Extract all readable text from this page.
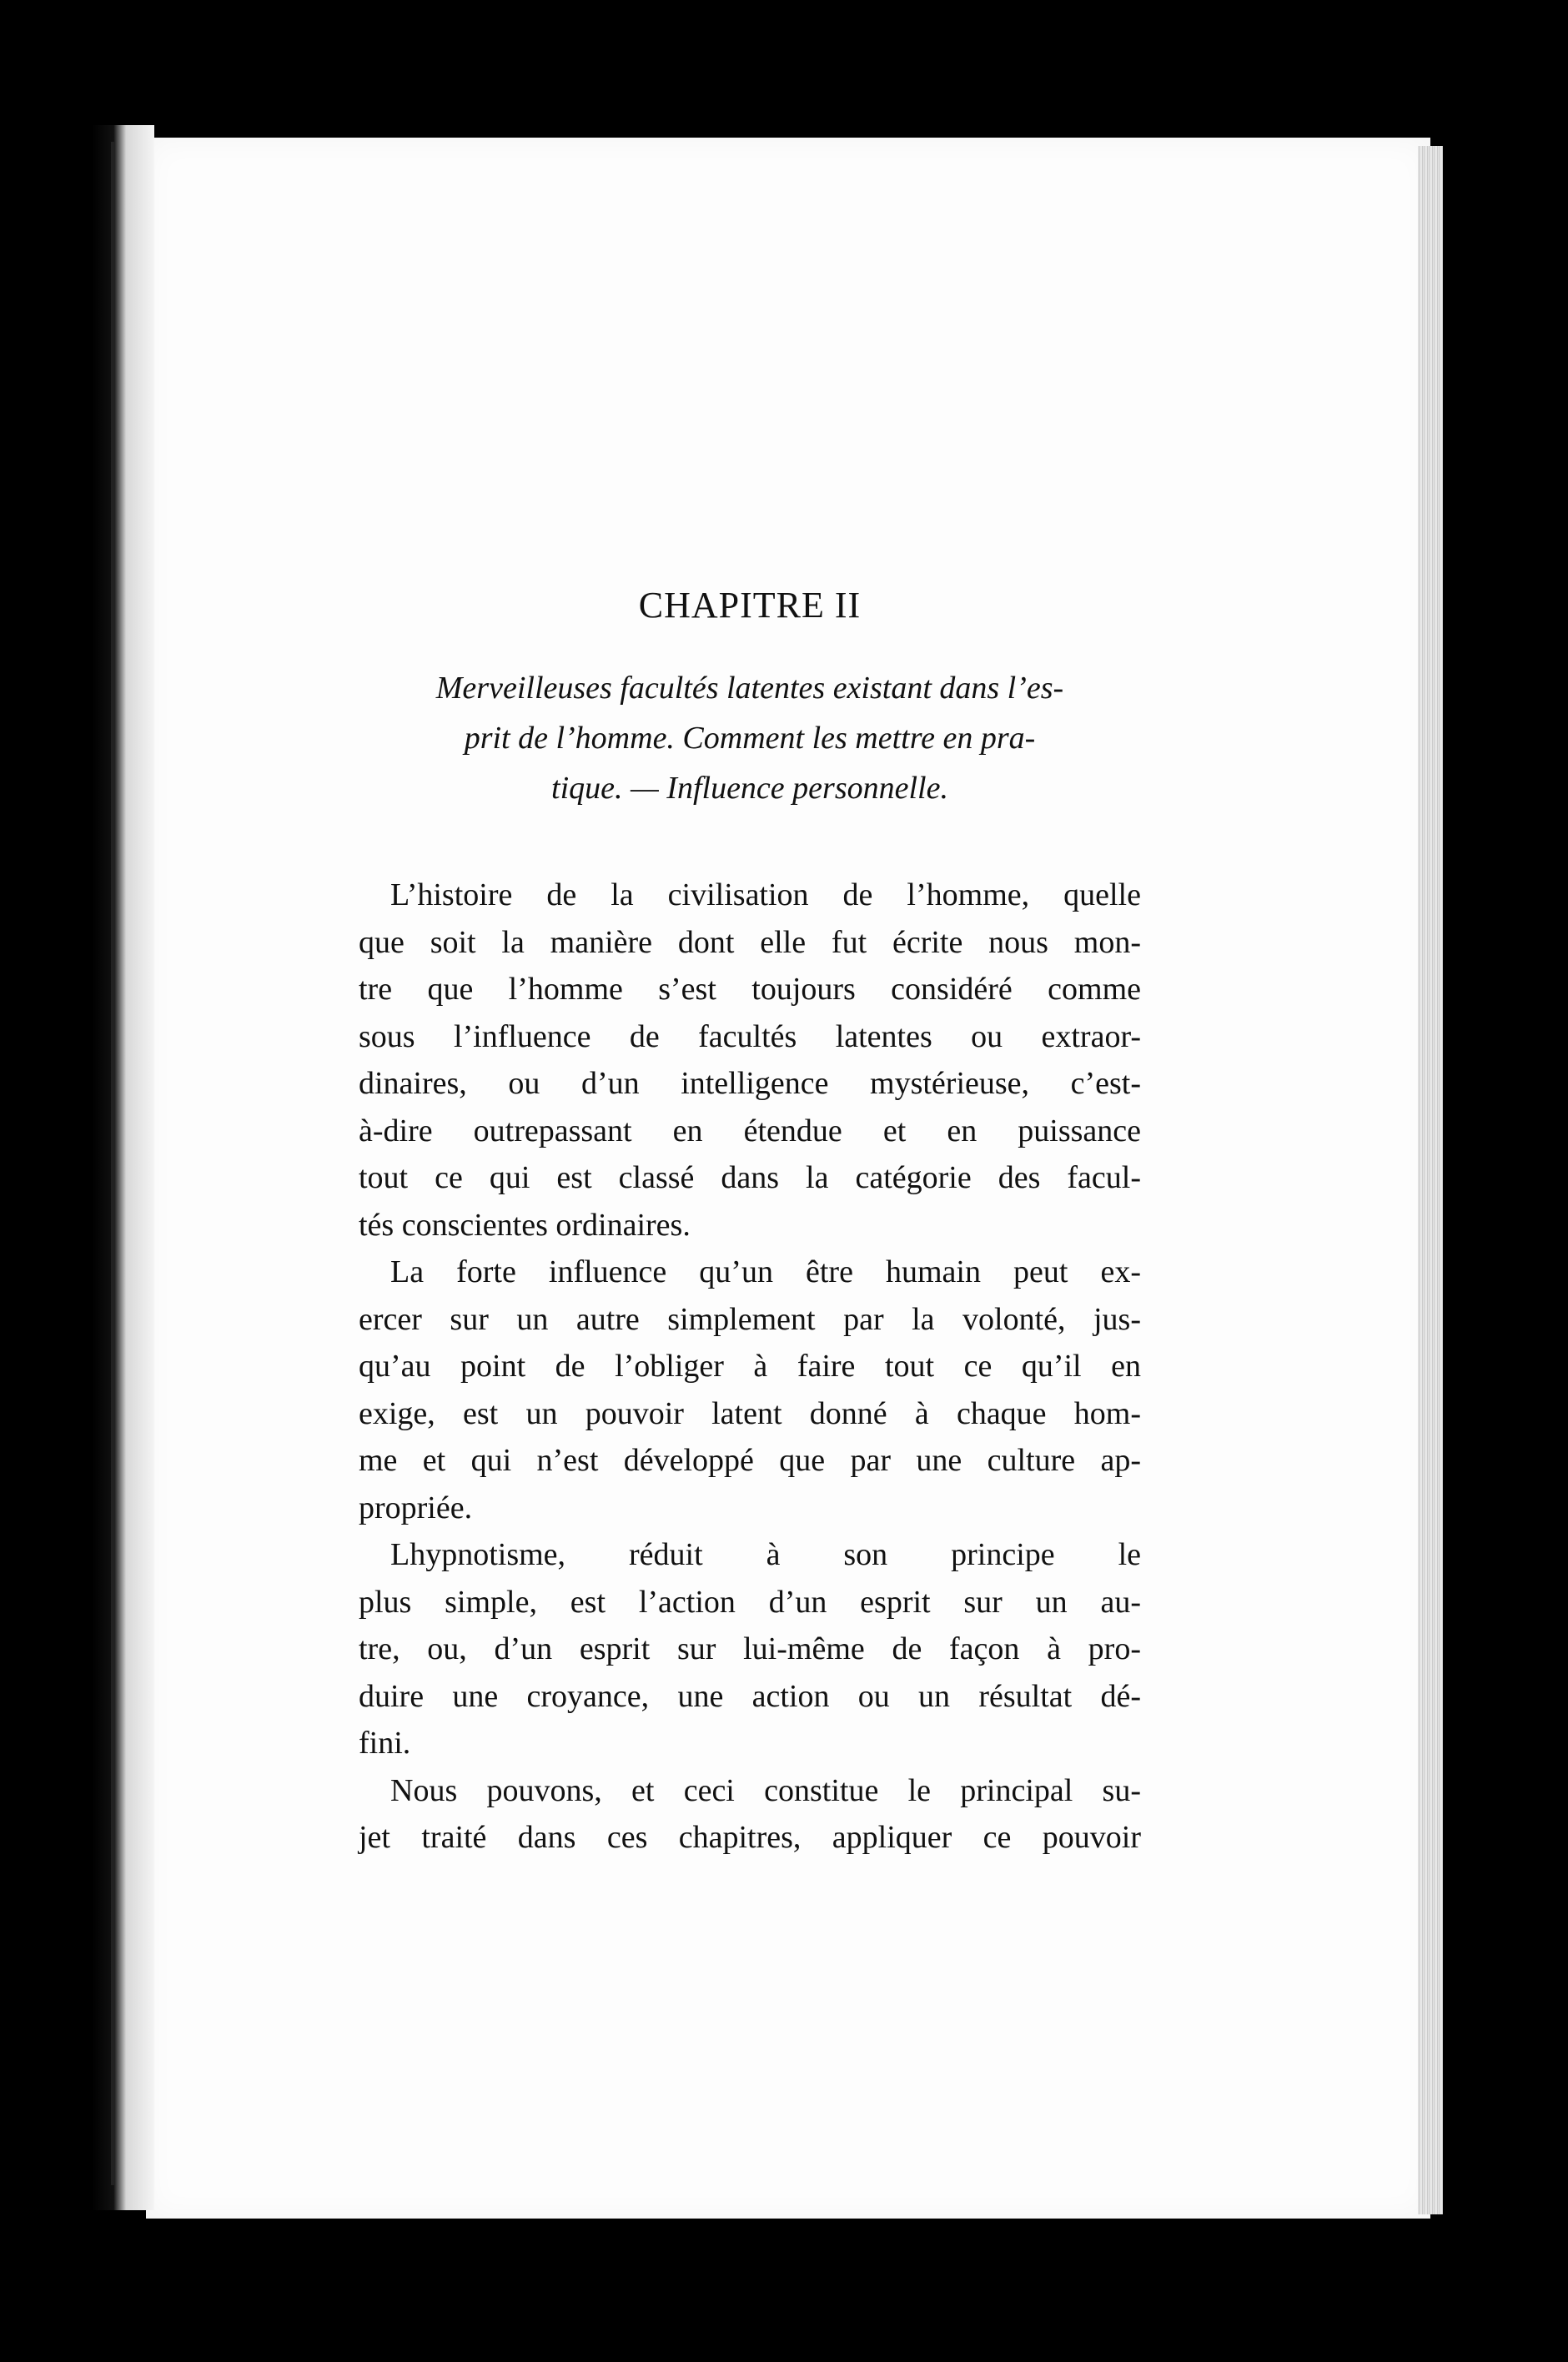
CHAPITRE II
Merveilleuses facultés latentes existant dans l’es-
prit de l’homme. Comment les mettre en pra-
tique. — Influence personnelle.

L’histoire de la civilisation de l’homme, quelle
que soit la manière dont elle fut écrite nous mon-
tre que l’homme s’est toujours considéré comme
sous l’influence de facultés latentes ou extraor-
dinaires, ou d’un intelligence mystérieuse, c’est-
à-dire outrepassant en étendue et en puissance
tout ce qui est classé dans la catégorie des facul-
tés conscientes ordinaires.

La forte influence qu’un être humain peut ex-
ercer sur un autre simplement par la volonté, jus-
qu’au point de l’obliger à faire tout ce qu’il en
exige, est un pouvoir latent donné à chaque hom-
me et qui n’est développé que par une culture ap-
propriée.

Lhypnotisme, réduit à son principe le
plus simple, est l’action d’un esprit sur un au-
tre, ou, d’un esprit sur lui-même de façon à pro-
duire une croyance, une action ou un résultat dé-
fini.

Nous pouvons, et ceci constitue le principal su-
jet traité dans ces chapitres, appliquer ce pouvoir
